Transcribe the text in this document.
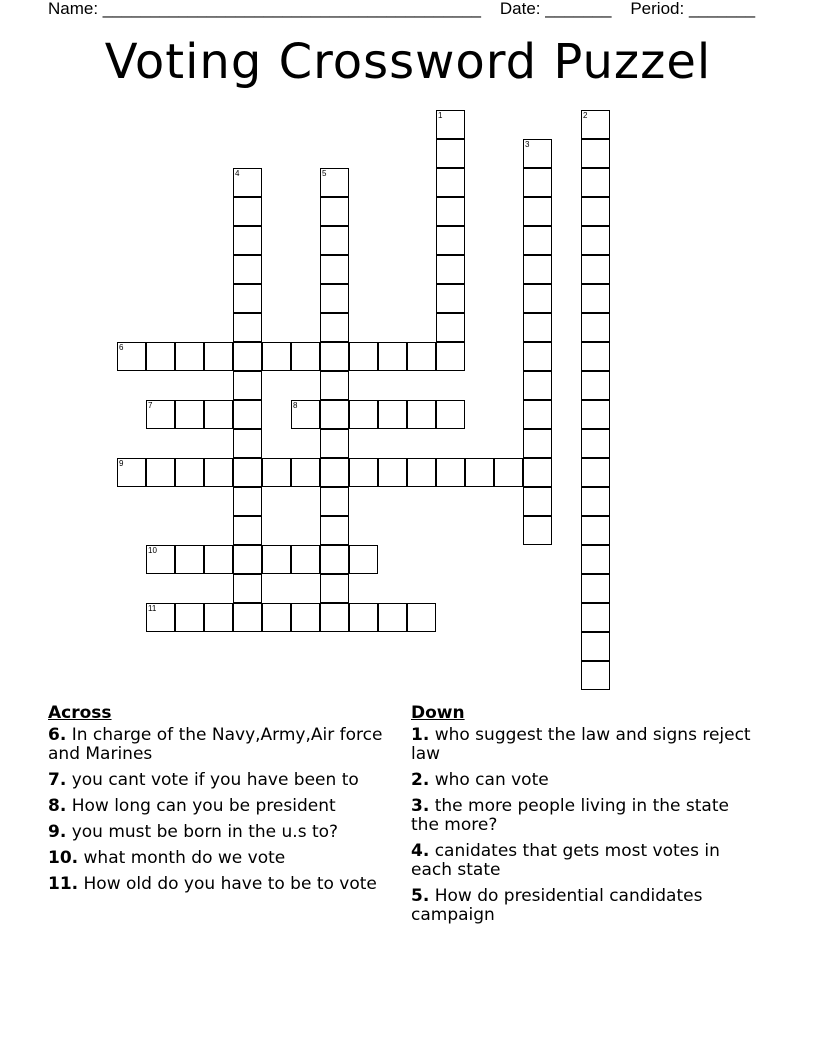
Name: ________________________________________ Date: _______ Period: _______
Voting Crossword Puzzel
1	2
3
4	5
6
7	8
9
10
11
Across
6. In charge of the Navy,Army,Air force and Marines
7. you cant vote if you have been to
8. How long can you be president
9. you must be born in the u.s to?
10. what month do we vote
11. How old do you have to be to vote
Down
1. who suggest the law and signs reject law
2. who can vote
3. the more people living in the state the more?
4. canidates that gets most votes in each state
5. How do presidential candidates campaign
